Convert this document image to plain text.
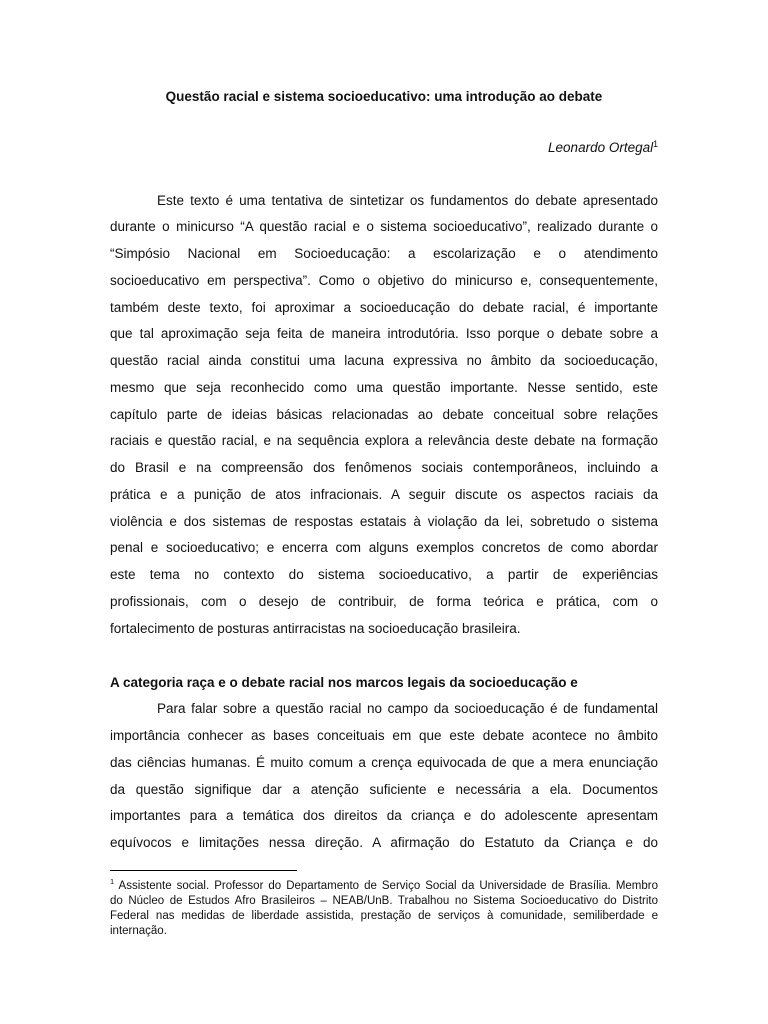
Questão racial e sistema socioeducativo: uma introdução ao debate
Leonardo Ortegal$^1$
Este texto é uma tentativa de sintetizar os fundamentos do debate apresentado
durante o minicurso “A questão racial e o sistema socioeducativo”, realizado durante o
“Simpósio Nacional em Socioeducação: a escolarização e o atendimento
socioeducativo em perspectiva”. Como o objetivo do minicurso e, consequentemente,
também deste texto, foi aproximar a socioeducação do debate racial, é importante
que tal aproximação seja feita de maneira introdutória. Isso porque o debate sobre a
questão racial ainda constitui uma lacuna expressiva no âmbito da socioeducação,
mesmo que seja reconhecido como uma questão importante. Nesse sentido, este
capítulo parte de ideias básicas relacionadas ao debate conceitual sobre relações
raciais e questão racial, e na sequência explora a relevância deste debate na formação
do Brasil e na compreensão dos fenômenos sociais contemporâneos, incluindo a
prática e a punição de atos infracionais. A seguir discute os aspectos raciais da
violência e dos sistemas de respostas estatais à violação da lei, sobretudo o sistema
penal e socioeducativo; e encerra com alguns exemplos concretos de como abordar
este tema no contexto do sistema socioeducativo, a partir de experiências
profissionais, com o desejo de contribuir, de forma teórica e prática, com o
fortalecimento de posturas antirracistas na socioeducação brasileira.
A categoria raça e o debate racial nos marcos legais da socioeducação e
Para falar sobre a questão racial no campo da socioeducação é de fundamental
importância conhecer as bases conceituais em que este debate acontece no âmbito
das ciências humanas. É muito comum a crença equivocada de que a mera enunciação
da questão signifique dar a atenção suficiente e necessária a ela. Documentos
importantes para a temática dos direitos da criança e do adolescente apresentam
equívocos e limitações nessa direção. A afirmação do Estatuto da Criança e do
$^1$ Assistente social. Professor do Departamento de Serviço Social da Universidade de Brasília. Membro
do Núcleo de Estudos Afro Brasileiros – NEAB/UnB. Trabalhou no Sistema Socioeducativo do Distrito
Federal nas medidas de liberdade assistida, prestação de serviços à comunidade, semiliberdade e
internação.
